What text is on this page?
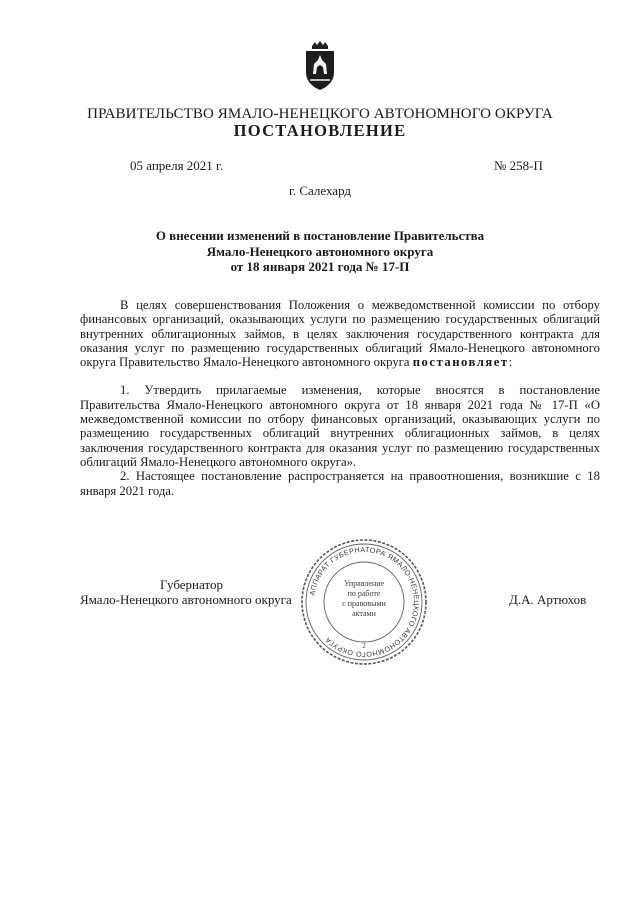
ПРАВИТЕЛЬСТВО ЯМАЛО-НЕНЕЦКОГО АВТОНОМНОГО ОКРУГА
ПОСТАНОВЛЕНИЕ
05 апреля 2021 г.	№ 258-П
г. Салехард
О внесении изменений в постановление Правительства
Ямало-Ненецкого автономного округа
от 18 января 2021 года № 17-П

В целях совершенствования Положения о межведомственной комиссии по отбору финансовых организаций, оказывающих услуги по размещению государственных облигаций внутренних облигационных займов, в целях заключения государственного контракта для оказания услуг по размещению государственных облигаций Ямало-Ненецкого автономного округа Правительство Ямало-Ненецкого автономного округа постановляет:

1. Утвердить прилагаемые изменения, которые вносятся в постановление Правительства Ямало-Ненецкого автономного округа от 18 января 2021 года № 17-П «О межведомственной комиссии по отбору финансовых организаций, оказывающих услуги по размещению государственных облигаций внутренних облигационных займов, в целях заключения государственного контракта для оказания услуг по размещению государственных облигаций Ямало-Ненецкого автономного округа».

2. Настоящее постановление распространяется на правоотношения, возникшие с 18 января 2021 года.

Губернатор
Ямало-Ненецкого автономного округа	Д.А. Артюхов
АППАРАТ ГУБЕРНАТОРА ЯМАЛО-НЕНЕЦКОГО АВТОНОМНОГО ОКРУГА
Управление
по работе
с правовыми
актами
2
